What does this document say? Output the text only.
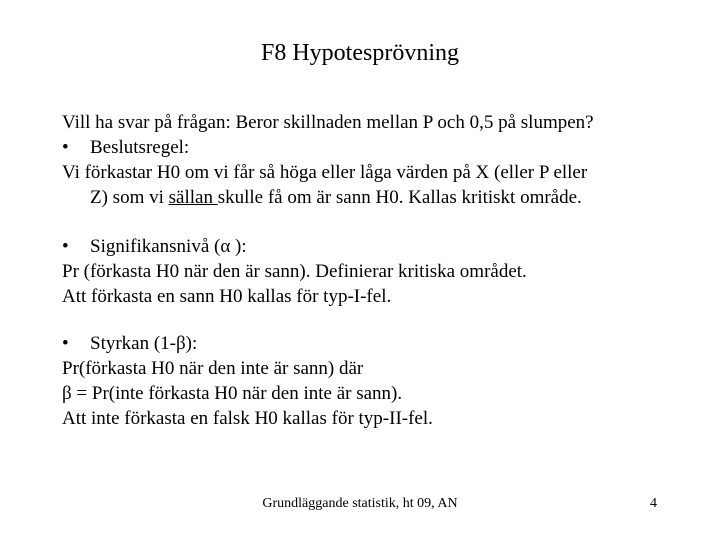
F8 Hypotesprövning
Vill ha svar på frågan: Beror skillnaden mellan P och 0,5 på slumpen?
• Beslutsregel:
Vi förkastar H0 om vi får så höga eller låga värden på X (eller P eller
Z) som vi sällan skulle få om är sann H0. Kallas kritiskt område.
• Signifikansnivå (α ):
Pr (förkasta H0 när den är sann). Definierar kritiska området.
Att förkasta en sann H0 kallas för typ-I-fel.
• Styrkan (1-β):
Pr(förkasta H0 när den inte är sann) där
β = Pr(inte förkasta H0 när den inte är sann).
Att inte förkasta en falsk H0 kallas för typ-II-fel.
Grundläggande statistik, ht 09, AN	4
